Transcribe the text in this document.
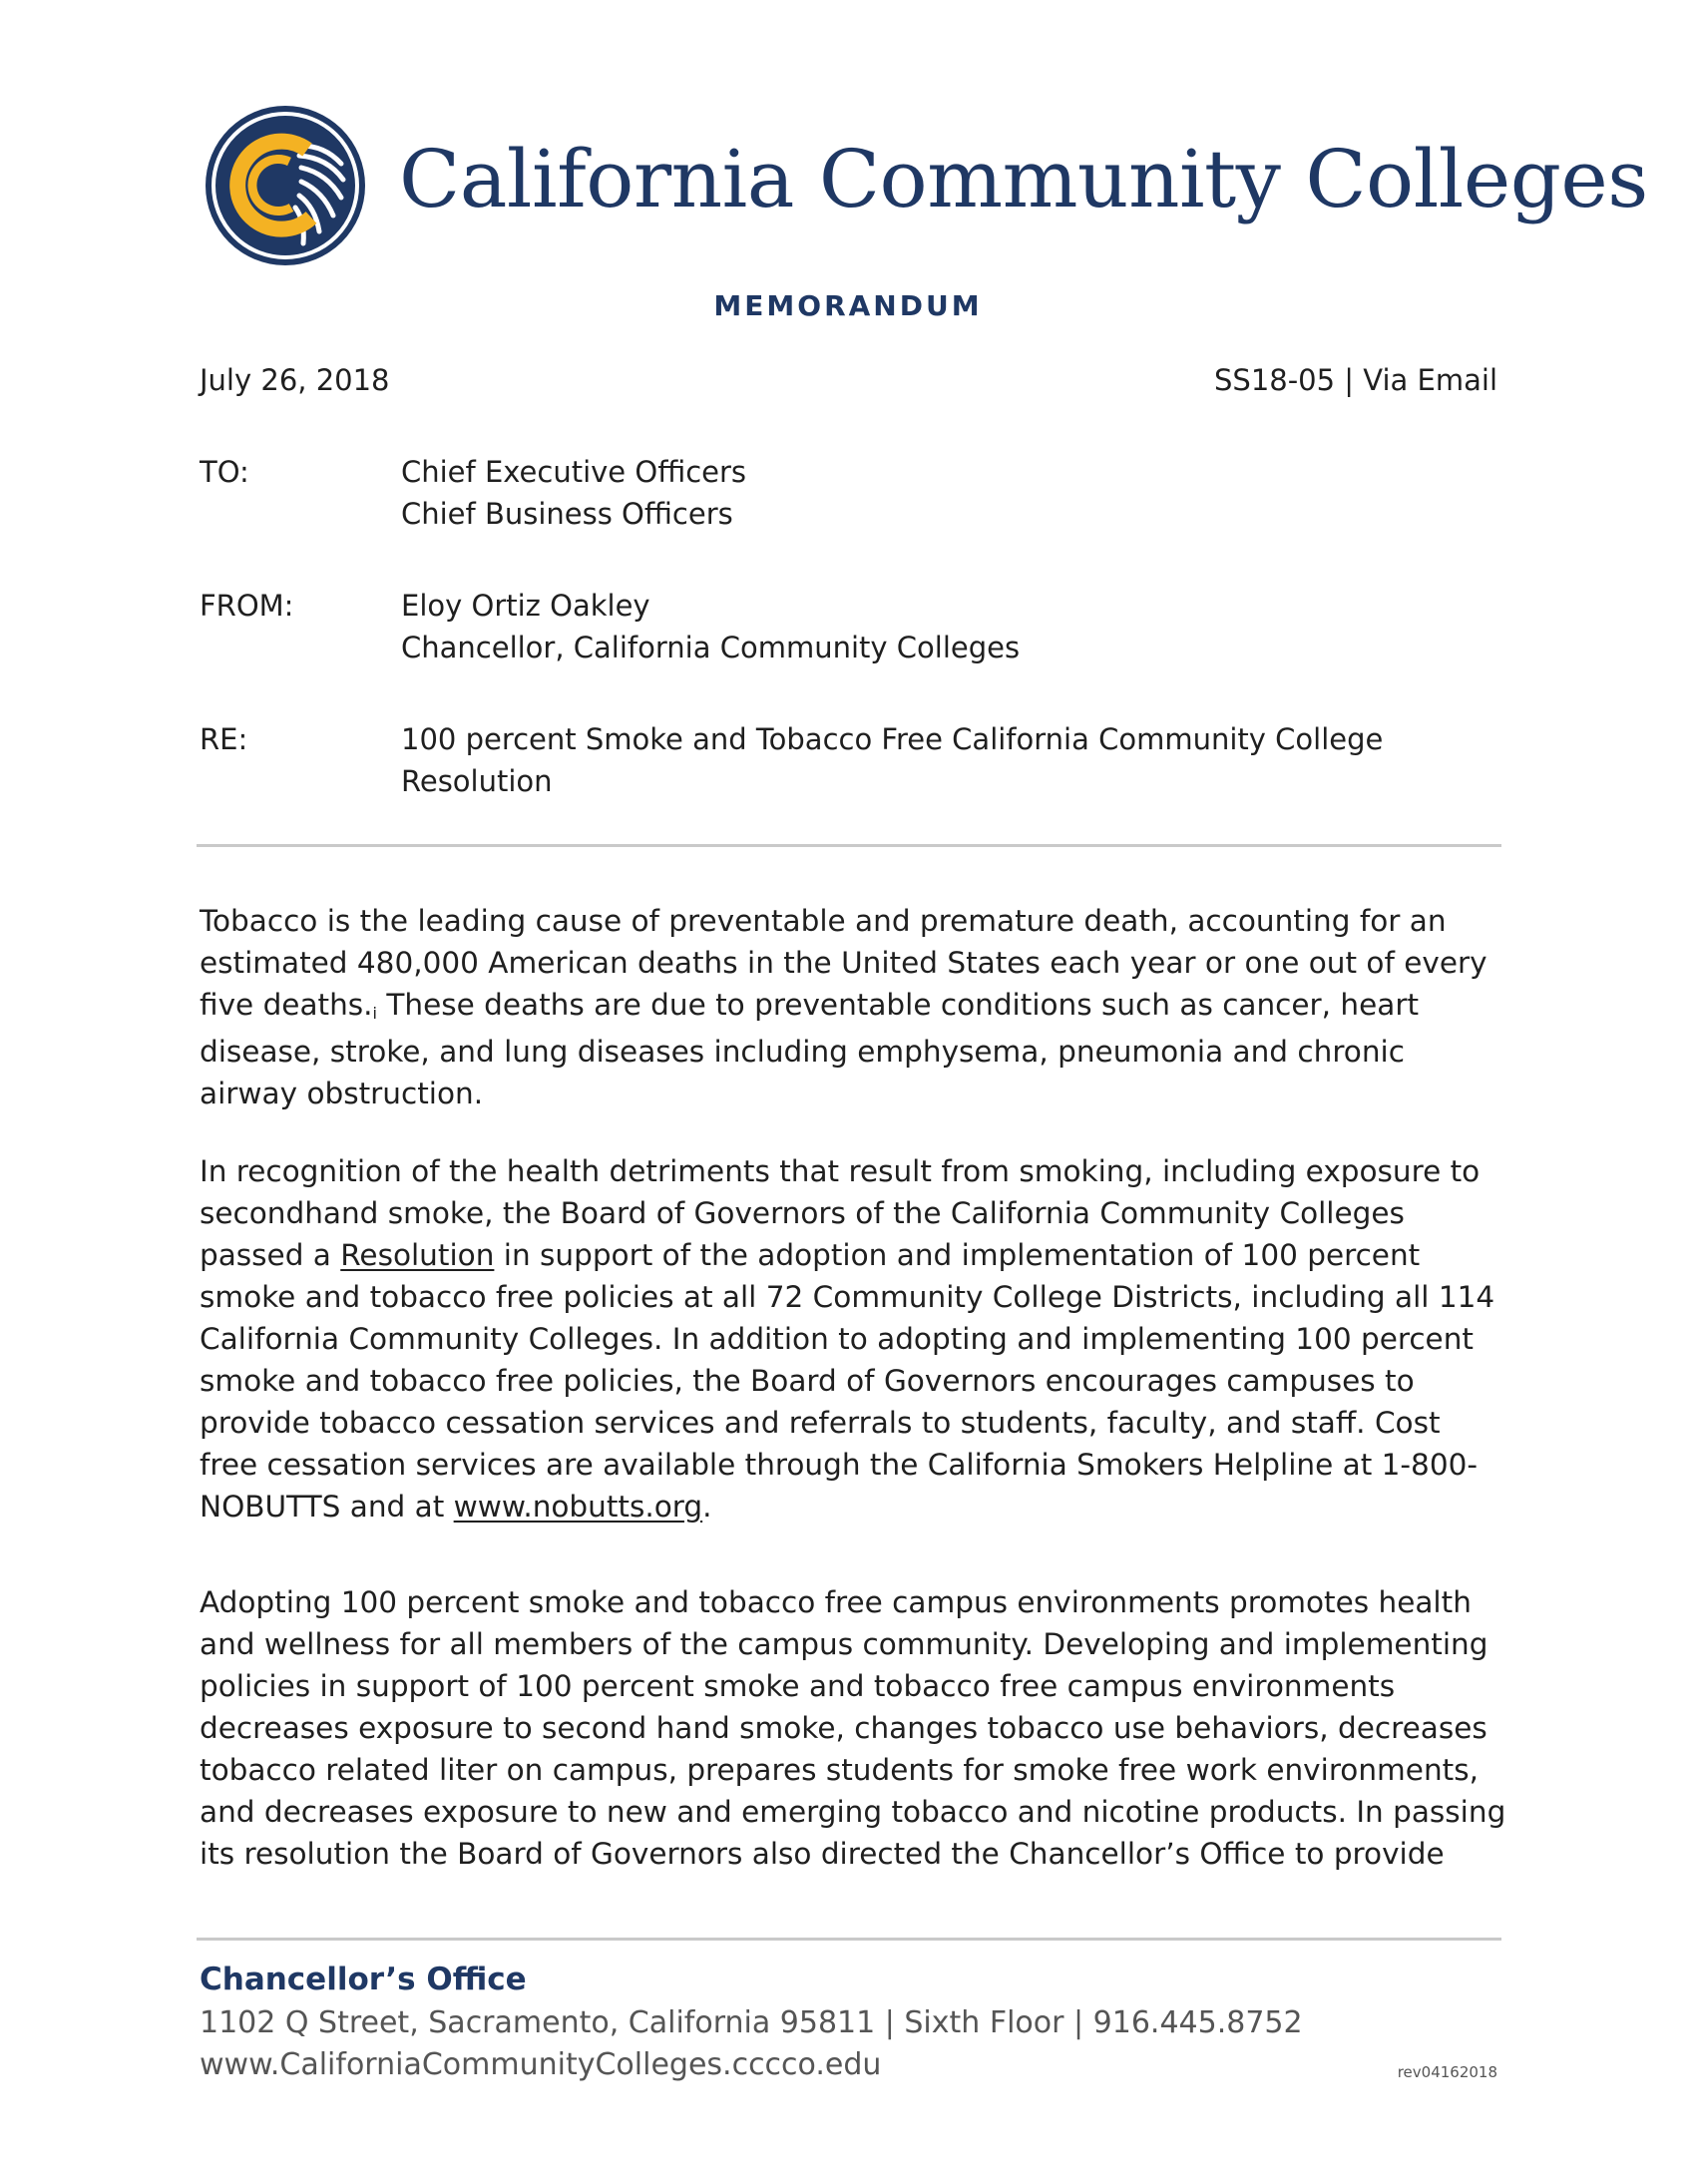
California Community Colleges
MEMORANDUM
July 26, 2018	SS18-05 | Via Email
TO:	Chief Executive Officers
Chief Business Officers
FROM:	Eloy Ortiz Oakley
Chancellor, California Community Colleges
RE:	100 percent Smoke and Tobacco Free California Community College
Resolution
Tobacco is the leading cause of preventable and premature death, accounting for an estimated 480,000 American deaths in the United States each year or one out of every five deaths.i These deaths are due to preventable conditions such as cancer, heart disease, stroke, and lung diseases including emphysema, pneumonia and chronic airway obstruction.
In recognition of the health detriments that result from smoking, including exposure to secondhand smoke, the Board of Governors of the California Community Colleges passed a Resolution in support of the adoption and implementation of 100 percent smoke and tobacco free policies at all 72 Community College Districts, including all 114 California Community Colleges. In addition to adopting and implementing 100 percent smoke and tobacco free policies, the Board of Governors encourages campuses to provide tobacco cessation services and referrals to students, faculty, and staff. Cost free cessation services are available through the California Smokers Helpline at 1-800-NOBUTTS and at www.nobutts.org.
Adopting 100 percent smoke and tobacco free campus environments promotes health and wellness for all members of the campus community. Developing and implementing policies in support of 100 percent smoke and tobacco free campus environments decreases exposure to second hand smoke, changes tobacco use behaviors, decreases tobacco related liter on campus, prepares students for smoke free work environments, and decreases exposure to new and emerging tobacco and nicotine products. In passing its resolution the Board of Governors also directed the Chancellor’s Office to provide
Chancellor’s Office
1102 Q Street, Sacramento, California 95811 | Sixth Floor | 916.445.8752
www.CaliforniaCommunityColleges.cccco.edu	rev04162018
